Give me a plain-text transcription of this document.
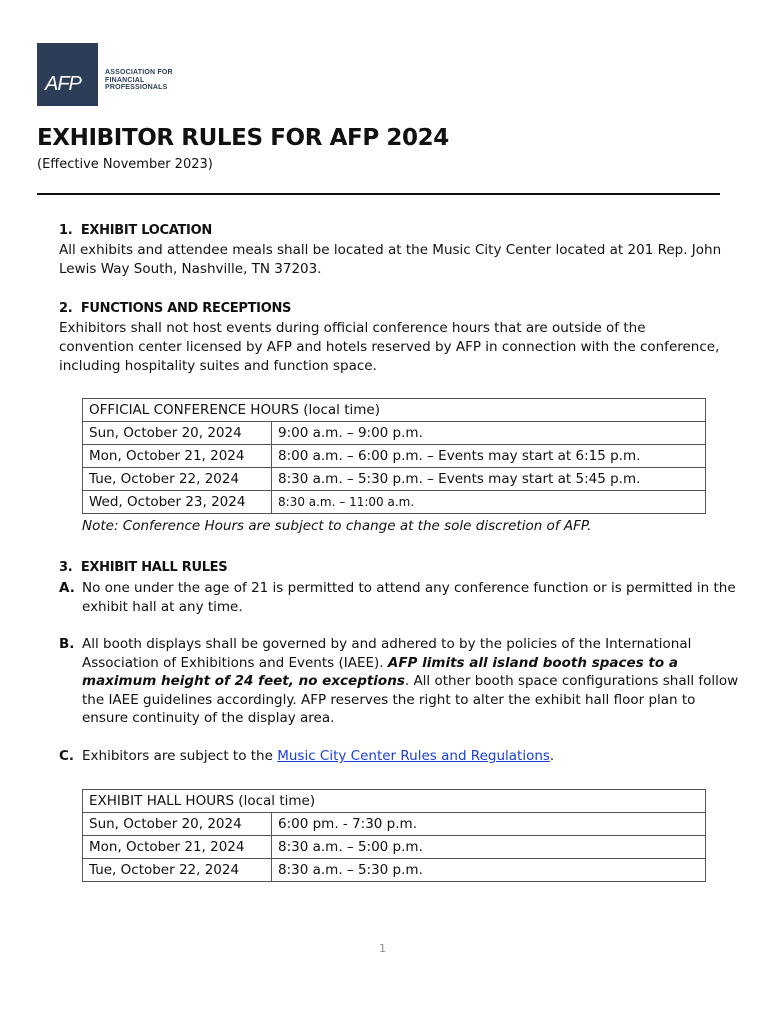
AFP
ASSOCIATION FOR
FINANCIAL
PROFESSIONALS
EXHIBITOR RULES FOR AFP 2024
(Effective November 2023)
1.  EXHIBIT LOCATION
All exhibits and attendee meals shall be located at the Music City Center located at 201 Rep. John Lewis Way South, Nashville, TN 37203.
2.  FUNCTIONS AND RECEPTIONS
Exhibitors shall not host events during official conference hours that are outside of the convention center licensed by AFP and hotels reserved by AFP in connection with the conference, including hospitality suites and function space.
OFFICIAL CONFERENCE HOURS (local time)	
Sun, October 20, 2024	9:00 a.m. – 9:00 p.m.
Mon, October 21, 2024	8:00 a.m. – 6:00 p.m. – Events may start at 6:15 p.m.
Tue, October 22, 2024	8:30 a.m. – 5:30 p.m. – Events may start at 5:45 p.m.
Wed, October 23, 2024	8:30 a.m. – 11:00 a.m.
Note: Conference Hours are subject to change at the sole discretion of AFP.
3.  EXHIBIT HALL RULES
A. No one under the age of 21 is permitted to attend any conference function or is permitted in the exhibit hall at any time.
B. All booth displays shall be governed by and adhered to by the policies of the International Association of Exhibitions and Events (IAEE). AFP limits all island booth spaces to a maximum height of 24 feet, no exceptions. All other booth space configurations shall follow the IAEE guidelines accordingly. AFP reserves the right to alter the exhibit hall floor plan to ensure continuity of the display area.
C. Exhibitors are subject to the Music City Center Rules and Regulations.
EXHIBIT HALL HOURS (local time)	
Sun, October 20, 2024	6:00 pm. - 7:30 p.m.
Mon, October 21, 2024	8:30 a.m. – 5:00 p.m.
Tue, October 22, 2024	8:30 a.m. – 5:30 p.m.
1
